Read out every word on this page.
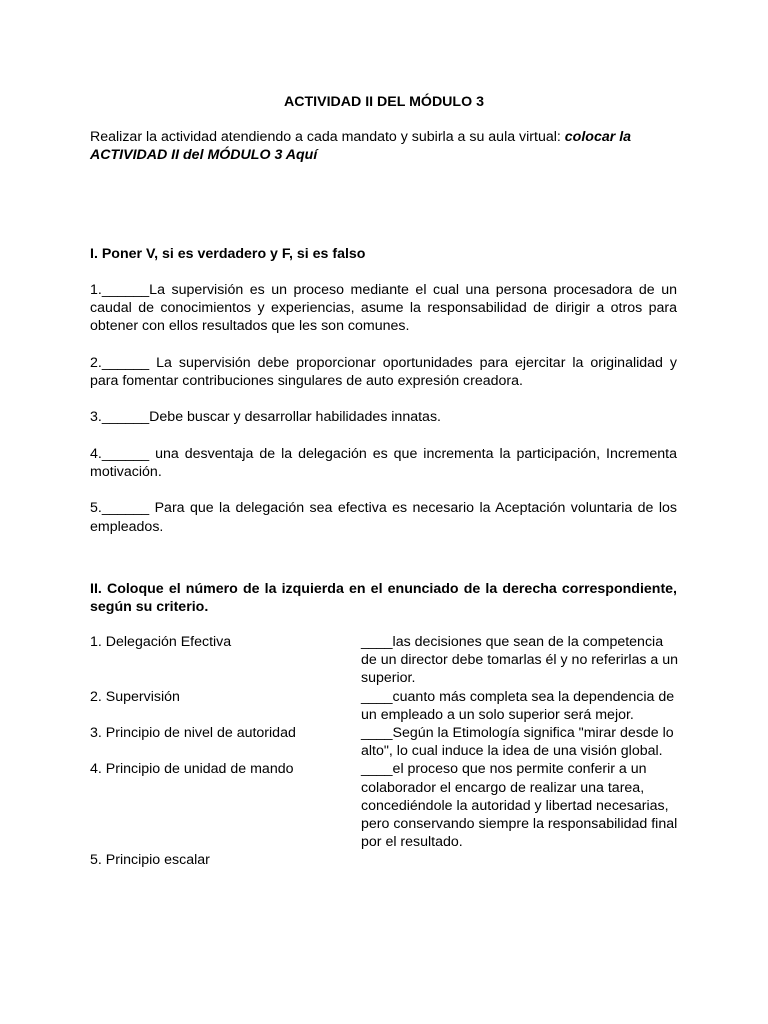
ACTIVIDAD II DEL MÓDULO 3

Realizar la actividad atendiendo a cada mandato y subirla a su aula virtual: colocar la ACTIVIDAD II del MÓDULO 3 Aquí

I. Poner V, si es verdadero y F, si es falso

1.______La supervisión es un proceso mediante el cual una persona procesadora de un caudal de conocimientos y experiencias, asume la responsabilidad de dirigir a otros para obtener con ellos resultados que les son comunes.

2.______ La supervisión debe proporcionar oportunidades para ejercitar la originalidad y para fomentar contribuciones singulares de auto expresión creadora.

3.______Debe buscar y desarrollar habilidades innatas.

4.______ una desventaja de la delegación es que incrementa la participación, Incrementa motivación.

5.______ Para que la delegación sea efectiva es necesario la Aceptación voluntaria de los empleados.

II. Coloque el número de la izquierda en el enunciado de la derecha correspondiente, según su criterio.

1. Delegación Efectiva	____las decisiones que sean de la competencia de un director debe tomarlas él y no referirlas a un superior.
2. Supervisión	____cuanto más completa sea la dependencia de un empleado a un solo superior será mejor.
3. Principio de nivel de autoridad	____Según la Etimología significa "mirar desde lo alto", lo cual induce la idea de una visión global.
4. Principio de unidad de mando	____el proceso que nos permite conferir a un colaborador el encargo de realizar una tarea, concediéndole la autoridad y libertad necesarias, pero conservando siempre la responsabilidad final por el resultado.
5. Principio escalar
